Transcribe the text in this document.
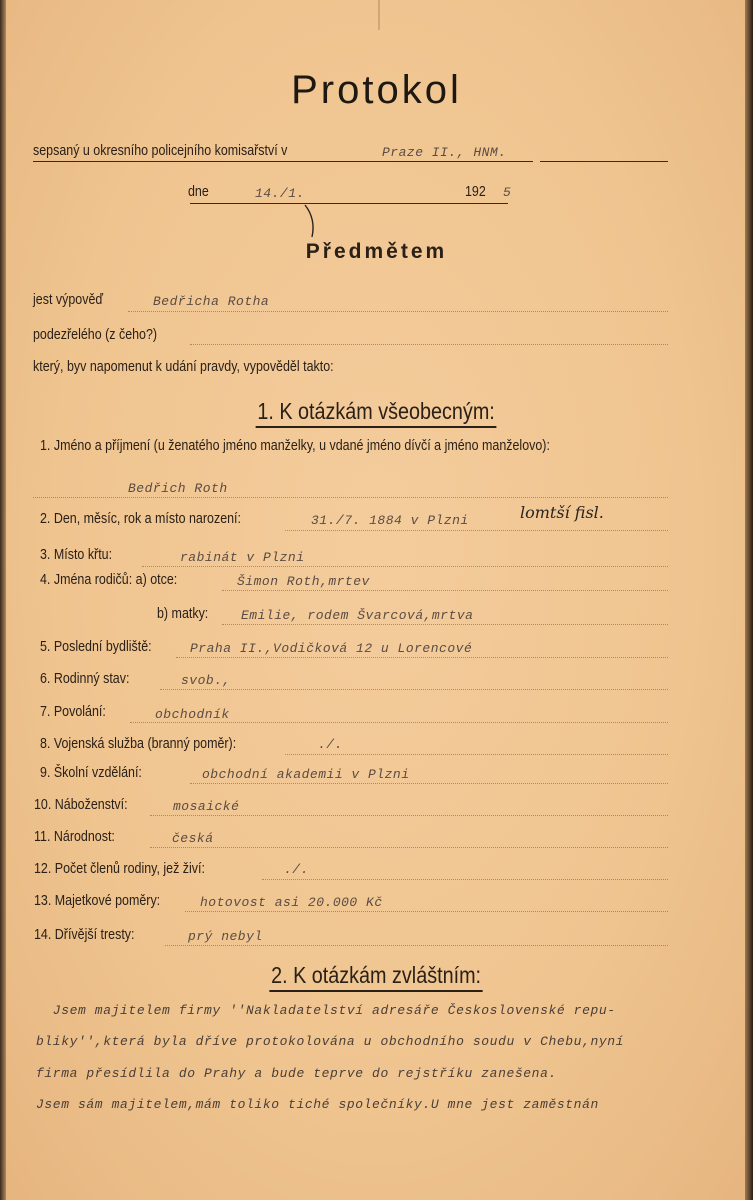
Protokol
sepsaný u okresního policejního komisařství v	Praze II., HNM.
dne	14./1.	192 5
Předmětem
jest výpověď	Bedřicha Rotha
podezřelého (z čeho?)
který, byv napomenut k udání pravdy, vypověděl takto:
1. K otázkám všeobecným:
1. Jméno a příjmení (u ženatého jméno manželky, u vdané jméno dívčí a jméno manželovo):
Bedřich Roth
2. Den, měsíc, rok a místo narození:	31./7. 1884 v Plzni	lomtší fisl.
3. Místo křtu:	rabinát v Plzni
4. Jména rodičů: a) otce:	Šimon Roth,mrtev
b) matky:	Emilie, rodem Švarcová,mrtva
5. Poslední bydliště:	Praha II.,Vodičková 12 u Lorencové
6. Rodinný stav:	svob.,
7. Povolání:	obchodník
8. Vojenská služba (branný poměr):	./.
9. Školní vzdělání:	obchodní akademii v Plzni
10. Náboženství:	mosaické
11. Národnost:	česká
12. Počet členů rodiny, jež živí:	./.
13. Majetkové poměry:	hotovost asi 20.000 Kč
14. Dřívější tresty:	prý nebyl
2. K otázkám zvláštním:
Jsem majitelem firmy ''Nakladatelství adresáře Československé repu-
bliky'',která byla dříve protokolována u obchodního soudu v Chebu,nyní
firma přesídlila do Prahy a bude teprve do rejstříku zanešena.
Jsem sám majitelem,mám toliko tiché společníky.U mne jest zaměstnán
